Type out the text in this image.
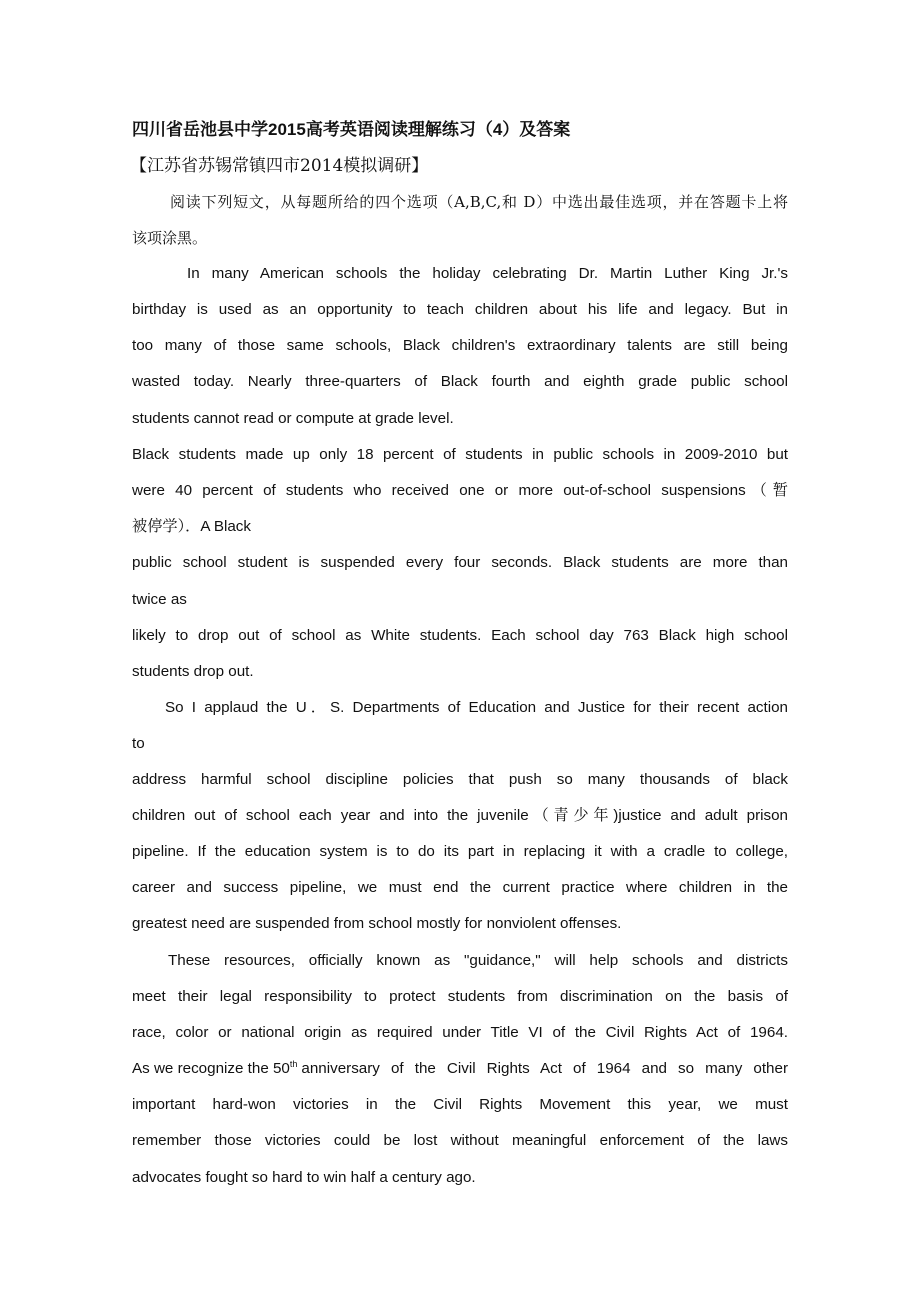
四川省岳池县中学2015高考英语阅读理解练习（4）及答案
【江苏省苏锡常镇四市2014模拟调研】
阅读下列短文，从每题所给的四个选项（A,B,C,和 D）中选出最佳选项，并在答题卡上将
该项涂黑。
In many American schools the holiday celebrating Dr. Martin Luther King Jr.'s
birthday is used as an opportunity to teach children about his life and legacy. But in
too many of those same schools, Black children's extraordinary talents are still being
wasted today. Nearly three-quarters of Black fourth and eighth grade public school
students cannot read or compute at grade level.
Black students made up only 18 percent of students in public schools in 2009-2010 but
were 40 percent of students who received one or more out-of-school suspensions（暂
被停学）．A Black
public school student is suspended every four seconds. Black students are more than
twice as
likely to drop out of school as White students. Each school day 763 Black high school
students drop out.
So I applaud the U．S. Departments of Education and Justice for their recent action
to
address harmful school discipline policies that push so many thousands of black
children out of school each year and into the juvenile（青少年)justice and adult prison
pipeline. If the education system is to do its part in replacing it with a cradle to college,
career and success pipeline, we must end the current practice where children in the
greatest need are suspended from school mostly for nonviolent offenses.
These resources, officially known as "guidance," will help schools and districts
meet their legal responsibility to protect students from discrimination on the basis of
race, color or national origin as required under Title VI of the Civil Rights Act of 1964.
As we recognize the 50th anniversary of the Civil Rights Act of 1964 and so many other
important hard-won victories in the Civil Rights Movement this year, we must
remember those victories could be lost without meaningful enforcement of the laws
advocates fought so hard to win half a century ago.
